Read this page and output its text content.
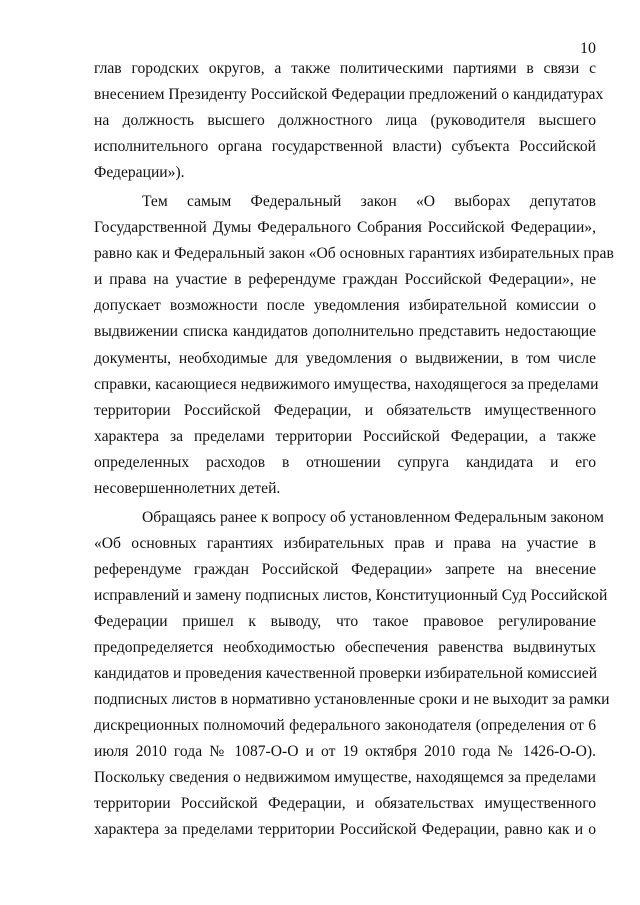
10
глав городских округов, а также политическими партиями в связи с
внесением Президенту Российской Федерации предложений о кандидатурах
на должность высшего должностного лица (руководителя высшего
исполнительного органа государственной власти) субъекта Российской
Федерации»).
Тем самым Федеральный закон «О выборах депутатов
Государственной Думы Федерального Собрания Российской Федерации»,
равно как и Федеральный закон «Об основных гарантиях избирательных прав
и права на участие в референдуме граждан Российской Федерации», не
допускает возможности после уведомления избирательной комиссии о
выдвижении списка кандидатов дополнительно представить недостающие
документы, необходимые для уведомления о выдвижении, в том числе
справки, касающиеся недвижимого имущества, находящегося за пределами
территории Российской Федерации, и обязательств имущественного
характера за пределами территории Российской Федерации, а также
определенных расходов в отношении супруга кандидата и его
несовершеннолетних детей.
Обращаясь ранее к вопросу об установленном Федеральным законом
«Об основных гарантиях избирательных прав и права на участие в
референдуме граждан Российской Федерации» запрете на внесение
исправлений и замену подписных листов, Конституционный Суд Российской
Федерации пришел к выводу, что такое правовое регулирование
предопределяется необходимостью обеспечения равенства выдвинутых
кандидатов и проведения качественной проверки избирательной комиссией
подписных листов в нормативно установленные сроки и не выходит за рамки
дискреционных полномочий федерального законодателя (определения от 6
июля 2010 года № 1087-О-О и от 19 октября 2010 года № 1426-О-О).
Поскольку сведения о недвижимом имуществе, находящемся за пределами
территории Российской Федерации, и обязательствах имущественного
характера за пределами территории Российской Федерации, равно как и о
